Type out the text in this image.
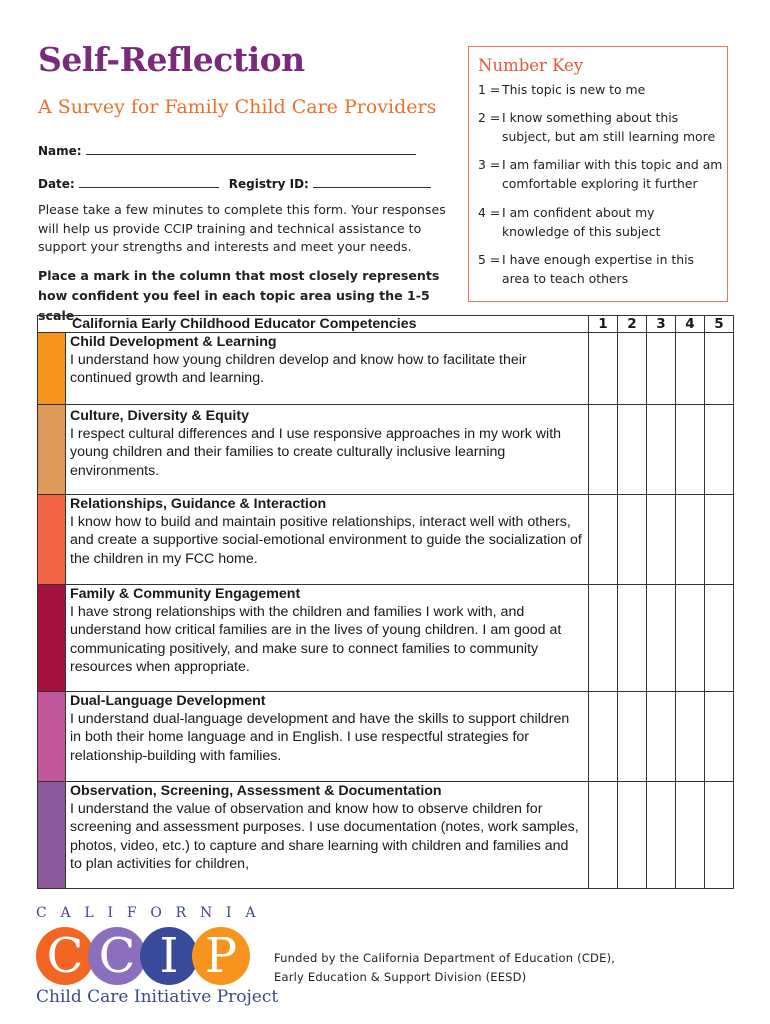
Self-Reflection
A Survey for Family Child Care Providers
Name:
Date:	Registry ID:
Please take a few minutes to complete this form. Your responses will help us provide CCIP training and technical assistance to support your strengths and interests and meet your needs.
Place a mark in the column that most closely represents how confident you feel in each topic area using the 1-5 scale.
Number Key
1 = This topic is new to me
2 = I know something about this subject, but am still learning more
3 = I am familiar with this topic and am comfortable exploring it further
4 = I am confident about my knowledge of this subject
5 = I have enough expertise in this area to teach others
California Early Childhood Educator Competencies		1	2	3	4	5

	Child Development & Learning
I understand how young children develop and know how to facilitate their continued growth and learning.					

	Culture, Diversity & Equity
I respect cultural differences and I use responsive approaches in my work with young children and their families to create culturally inclusive learning environments.					

	Relationships, Guidance & Interaction
I know how to build and maintain positive relationships, interact well with others, and create a supportive social-emotional environment to guide the socialization of the children in my FCC home.					

	Family & Community Engagement
I have strong relationships with the children and families I work with, and understand how critical families are in the lives of young children. I am good at communicating positively, and make sure to connect families to community resources when appropriate.					

	Dual-Language Development
I understand dual-language development and have the skills to support children in both their home language and in English. I use respectful strategies for relationship-building with families.					

	Observation, Screening, Assessment & Documentation
I understand the value of observation and know how to observe children for screening and assessment purposes. I use documentation (notes, work samples, photos, video, etc.) to capture and share learning with children and families and to plan activities for children,					

CALIFORNIA
C C I P
Child Care Initiative Project
Funded by the California Department of Education (CDE),
Early Education & Support Division (EESD)
